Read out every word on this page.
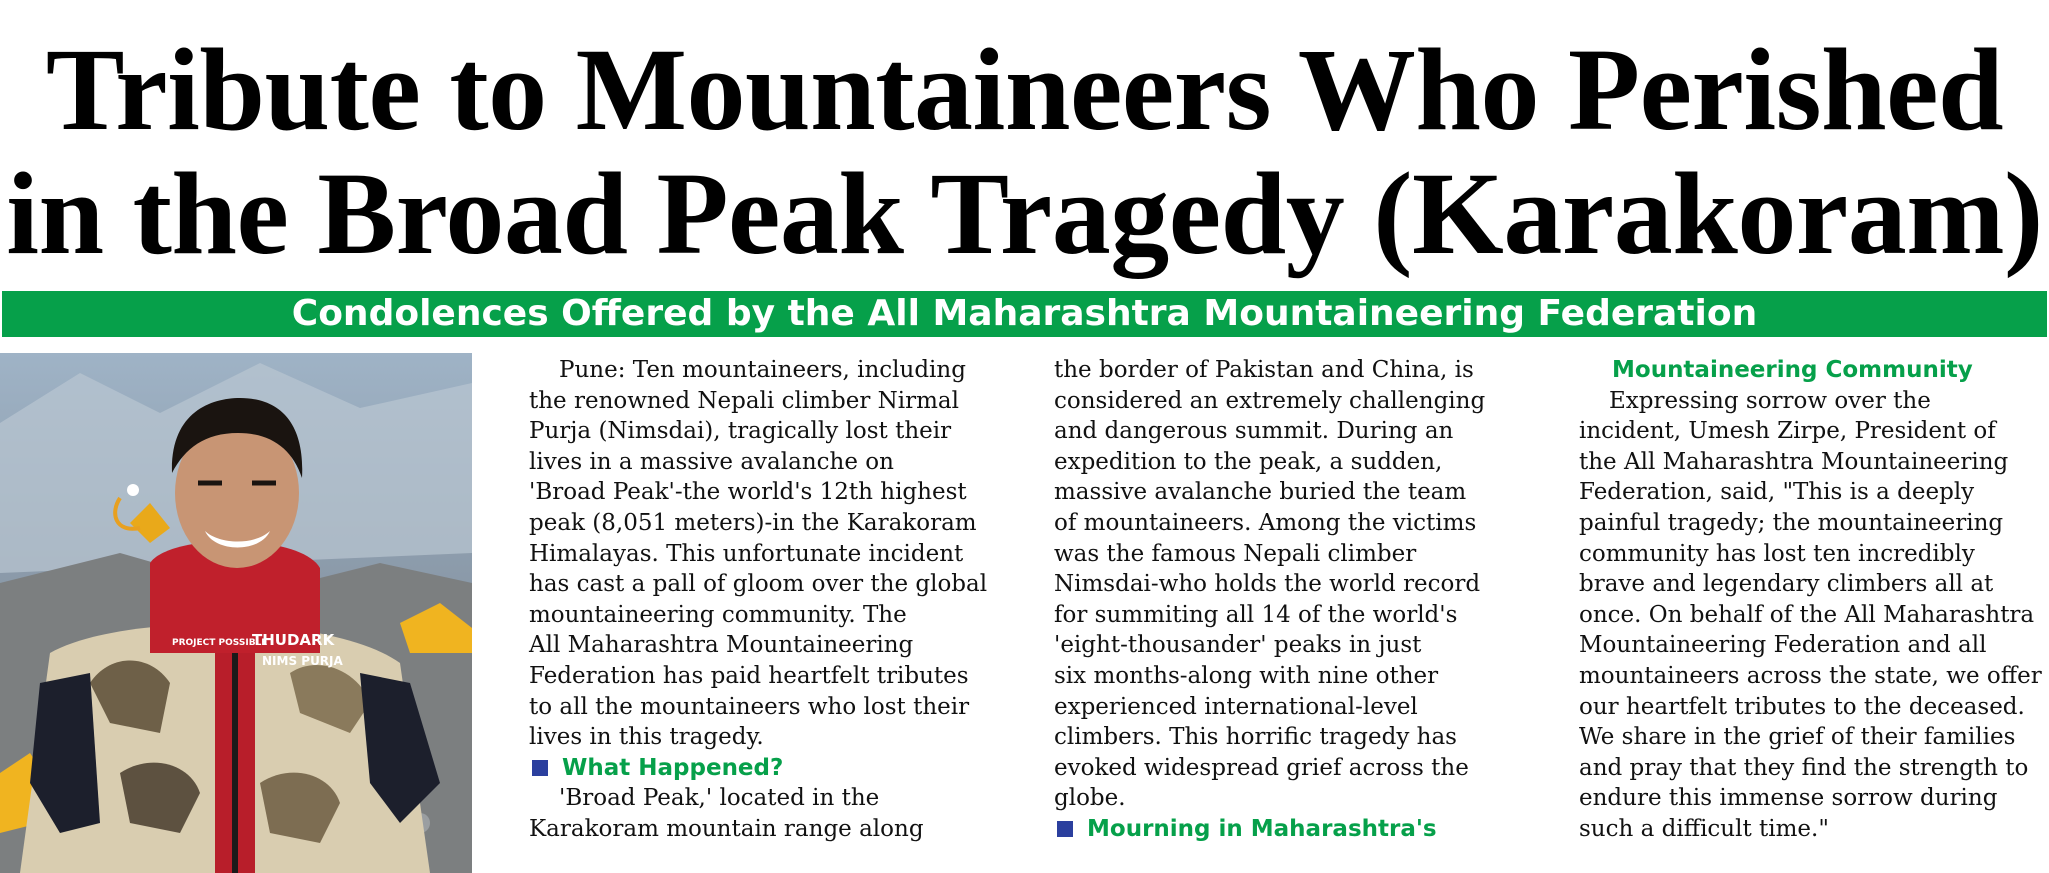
Tribute to Mountaineers Who Perished
in the Broad Peak Tragedy (Karakoram)
Condolences Offered by the All Maharashtra Mountaineering Federation
THUDARK
NIMS PURJA
PROJECT POSSIBLE
Pune: Ten mountaineers, including
the renowned Nepali climber Nirmal
Purja (Nimsdai), tragically lost their
lives in a massive avalanche on
'Broad Peak'-the world's 12th highest
peak (8,051 meters)-in the Karakoram
Himalayas. This unfortunate incident
has cast a pall of gloom over the global
mountaineering community. The
All Maharashtra Mountaineering
Federation has paid heartfelt tributes
to all the mountaineers who lost their
lives in this tragedy.
What Happened?
'Broad Peak,' located in the
Karakoram mountain range along
the border of Pakistan and China, is
considered an extremely challenging
and dangerous summit. During an
expedition to the peak, a sudden,
massive avalanche buried the team
of mountaineers. Among the victims
was the famous Nepali climber
Nimsdai-who holds the world record
for summiting all 14 of the world's
'eight-thousander' peaks in just
six months-along with nine other
experienced international-level
climbers. This horrific tragedy has
evoked widespread grief across the
globe.
Mourning in Maharashtra's
Mountaineering Community
Expressing sorrow over the
incident, Umesh Zirpe, President of
the All Maharashtra Mountaineering
Federation, said, "This is a deeply
painful tragedy; the mountaineering
community has lost ten incredibly
brave and legendary climbers all at
once. On behalf of the All Maharashtra
Mountaineering Federation and all
mountaineers across the state, we offer
our heartfelt tributes to the deceased.
We share in the grief of their families
and pray that they find the strength to
endure this immense sorrow during
such a difficult time."
